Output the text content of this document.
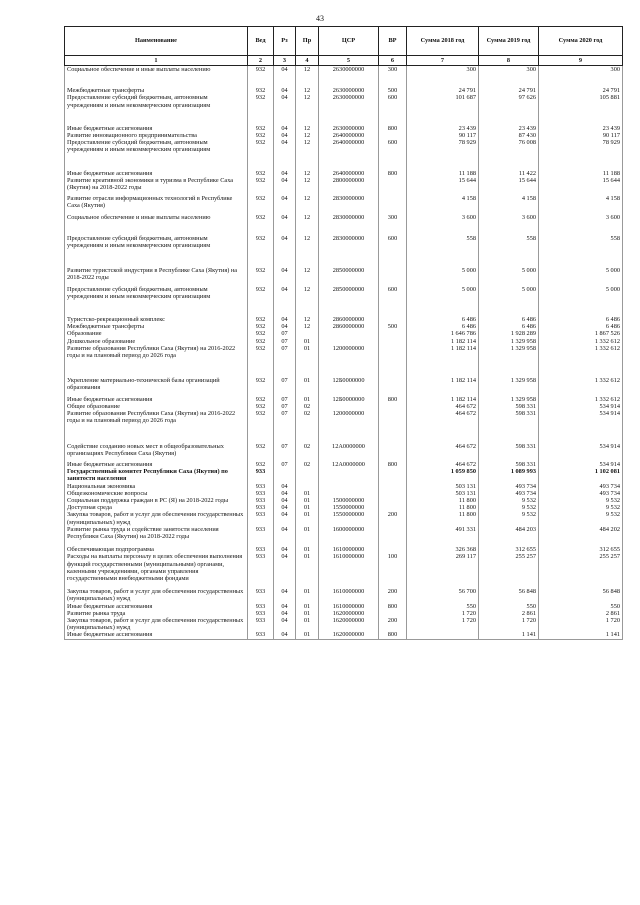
43
Наименование	Вед	Рз	Пр	ЦСР	ВР	Сумма 2018 год	Сумма 2019 год	Сумма 2020 год
1	2	3	4	5	6	7	8	9
Социальное обеспечение и иные выплаты населению	932	04	12	2630000000	300	300	300	300

Межбюджетные трансферты	932	04	12	2630000000	500	24 791	24 791	24 791
Предоставление субсидий бюджетным, автономным учреждениям и иным некоммерческим организациям	932	04	12	2630000000	600	101 687	97 626	105 881

Иные бюджетные ассигнования	932	04	12	2630000000	800	23 439	23 439	23 439
Развитие инновационного предпринимательства	932	04	12	2640000000		90 117	87 430	90 117
Предоставление субсидий бюджетным, автономным учреждениям и иным некоммерческим организациям	932	04	12	2640000000	600	78 929	76 008	78 929

Иные бюджетные ассигнования	932	04	12	2640000000	800	11 188	11 422	11 188
Развитие креативной экономики и туризма в Республике Саха (Якутия) на 2018-2022 годы	932	04	12	2800000000		15 644	15 644	15 644

Развитие отрасли информационных технологий в Республике Саха (Якутия)	932	04	12	2830000000		4 158	4 158	4 158

Социальное обеспечение и иные выплаты населению	932	04	12	2830000000	300	3 600	3 600	3 600

Предоставление субсидий бюджетным, автономным учреждениям и иным некоммерческим организациям	932	04	12	2830000000	600	558	558	558

Развитие туристской индустрии в Республике Саха (Якутия) на 2018-2022 годы	932	04	12	2850000000		5 000	5 000	5 000

Предоставление субсидий бюджетным, автономным учреждениям и иным некоммерческим организациям	932	04	12	2850000000	600	5 000	5 000	5 000

Туристско-рекреационный комплекс	932	04	12	2860000000		6 486	6 486	6 486
Межбюджетные трансферты	932	04	12	2860000000	500	6 486	6 486	6 486
Образование	932	07				1 646 786	1 928 289	1 867 526
Дошкольное образование	932	07	01			1 182 114	1 329 958	1 332 612
Развитие образования Республики Саха (Якутия) на 2016-2022 годы и на плановый период до 2026 года	932	07	01	1200000000		1 182 114	1 329 958	1 332 612

Укрепление материально-технической базы организаций образования	932	07	01	12Б0000000		1 182 114	1 329 958	1 332 612

Иные бюджетные ассигнования	932	07	01	12Б0000000	800	1 182 114	1 329 958	1 332 612
Общее образование	932	07	02			464 672	598 331	534 914
Развитие образования Республики Саха (Якутия) на 2016-2022 годы и на плановый период до 2026 года	932	07	02	1200000000		464 672	598 331	534 914

Содействие созданию новых мест в общеобразовательных организациях Республики Саха (Якутия)	932	07	02	12А0000000		464 672	598 331	534 914

Иные бюджетные ассигнования	932	07	02	12А0000000	800	464 672	598 331	534 914
Государственный комитет Республики Саха (Якутия) по занятости населения	933					1 059 850	1 089 993	1 102 081
Национальная экономика	933	04				503 131	493 734	493 734
Общеэкономические вопросы	933	04	01			503 131	493 734	493 734
Социальная поддержка граждан в РС (Я) на 2018-2022 годы	933	04	01	1500000000		11 800	9 532	9 532
Доступная среда	933	04	01	1550000000		11 800	9 532	9 532
Закупка товаров, работ и услуг для обеспечения государственных (муниципальных) нужд	933	04	01	1550000000	200	11 800	9 532	9 532
Развитие рынка труда и содействие занятости населения Республики Саха (Якутия) на 2018-2022 годы	933	04	01	1600000000		491 331	484 203	484 202

Обеспечивающая подпрограмма	933	04	01	1610000000		326 368	312 655	312 655
Расходы на выплаты персоналу в целях обеспечения выполнения функций государственными (муниципальными) органами, казенными учреждениями, органами управления государственными внебюджетными фондами	933	04	01	1610000000	100	269 117	255 257	255 257

Закупка товаров, работ и услуг для обеспечения государственных (муниципальных) нужд	933	04	01	1610000000	200	56 700	56 848	56 848
Иные бюджетные ассигнования	933	04	01	1610000000	800	550	550	550
Развитие рынка труда	933	04	01	1620000000		1 720	2 861	2 861
Закупка товаров, работ и услуг для обеспечения государственных (муниципальных) нужд	933	04	01	1620000000	200	1 720	1 720	1 720
Иные бюджетные ассигнования	933	04	01	1620000000	800		1 141	1 141
